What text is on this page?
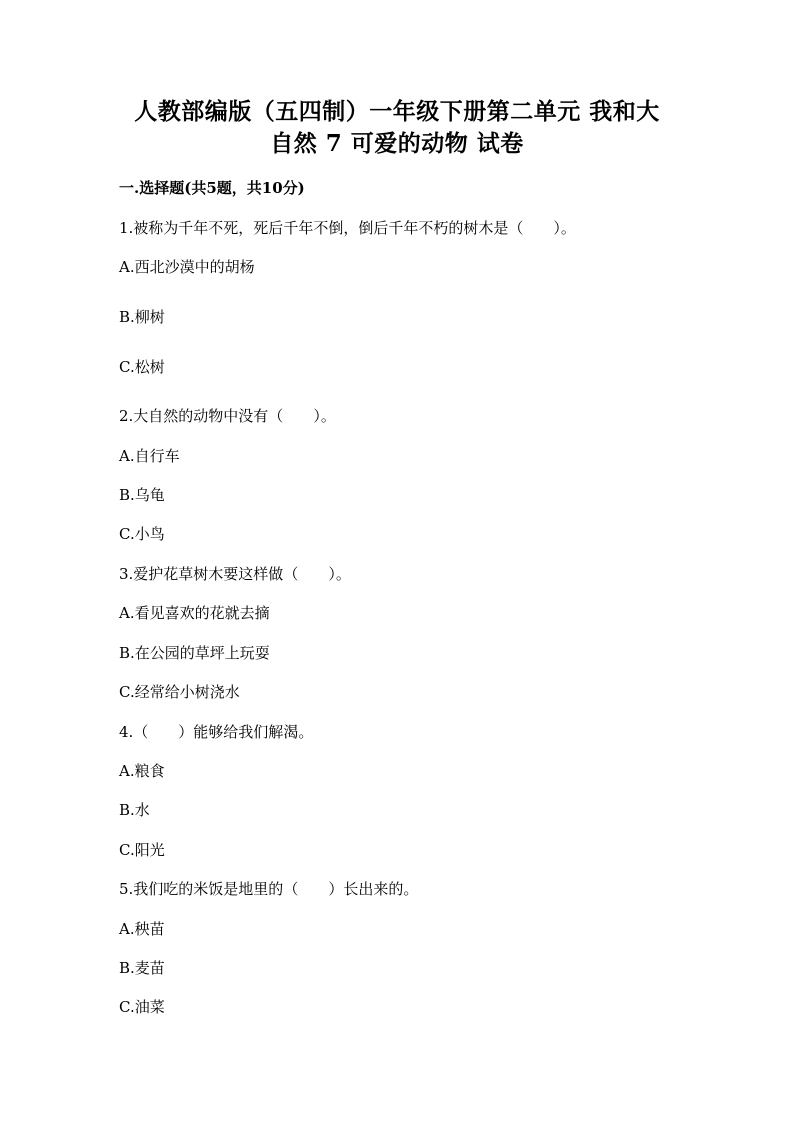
人教部编版（五四制）一年级下册第二单元 我和大
自然 7 可爱的动物 试卷
一.选择题(共5题，共10分)
1.被称为千年不死，死后千年不倒，倒后千年不朽的树木是（　　）。
A.西北沙漠中的胡杨
B.柳树
C.松树
2.大自然的动物中没有（　　）。
A.自行车
B.乌龟
C.小鸟
3.爱护花草树木要这样做（　　）。
A.看见喜欢的花就去摘
B.在公园的草坪上玩耍
C.经常给小树浇水
4.（　　）能够给我们解渴。
A.粮食
B.水
C.阳光
5.我们吃的米饭是地里的（　　）长出来的。
A.秧苗
B.麦苗
C.油菜
